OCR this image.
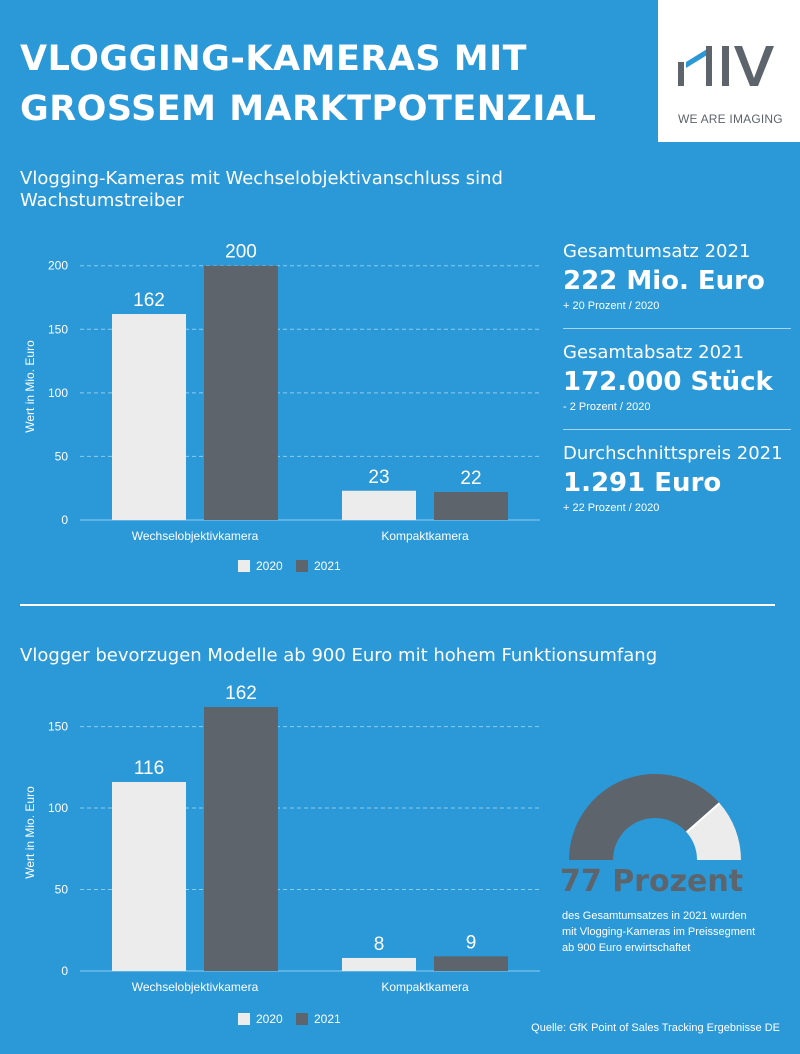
VLOGGING-KAMERAS MIT
GROSSEM MARKTPOTENZIAL	WE ARE IMAGING
Vlogging-Kameras mit Wechselobjektivanschluss sind
Wachstumstreiber
0
50
100
150
200
Wert in Mio. Euro
162
200
Wechselobjektivkamera
23	22
Kompaktkamera
2020	2021
Gesamtumsatz 2021
222 Mio. Euro
+ 20 Prozent / 2020
Gesamtabsatz 2021
172.000 Stück
- 2 Prozent / 2020
Durchschnittspreis 2021
1.291 Euro
+ 22 Prozent / 2020
Vlogger bevorzugen Modelle ab 900 Euro mit hohem Funktionsumfang
0
50
100
150
Wert in Mio. Euro
116
162
Wechselobjektivkamera
8	9
Kompaktkamera
2020	2021
77 Prozent
des Gesamtumsatzes in 2021 wurden mit Vlogging-Kameras im Preissegment ab 900 Euro erwirtschaftet
Quelle: GfK Point of Sales Tracking Ergebnisse DE
